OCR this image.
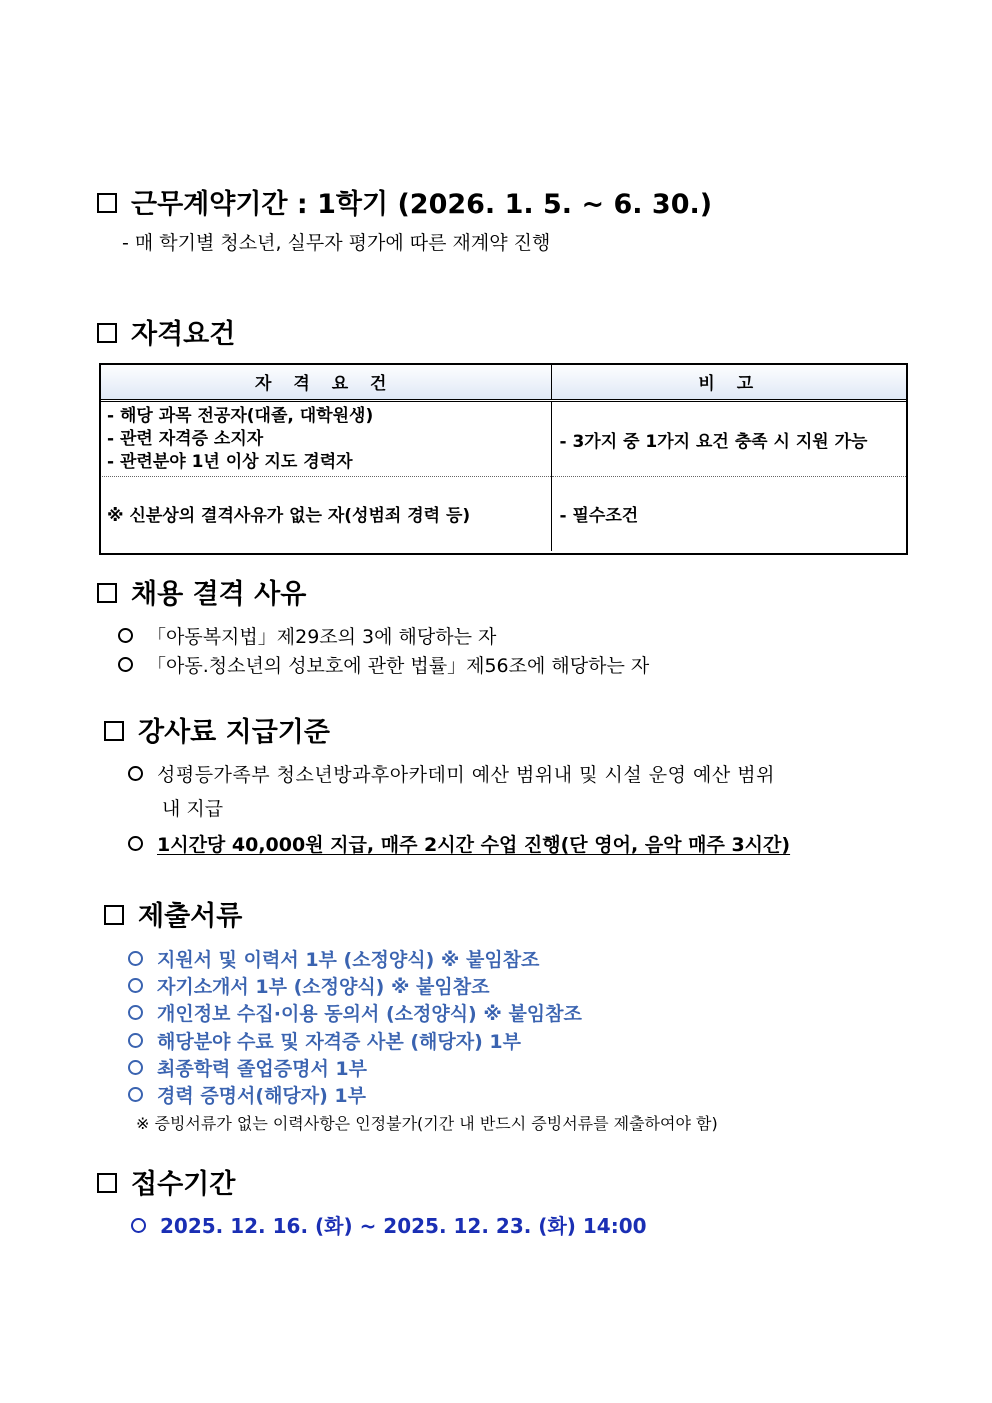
근무계약기간 : 1학기 (2026. 1. 5. ~ 6. 30.)
- 매 학기별 청소년, 실무자 평가에 따른 재계약 진행
자격요건
자 격 요 건	비 고

- 해당 과목 전공자(대졸, 대학원생)
- 관련 자격증 소지자
- 관련분야 1년 이상 지도 경력자	- 3가지 중 1가지 요건 충족 시 지원 가능

※ 신분상의 결격사유가 없는 자(성범죄 경력 등)	- 필수조건
채용 결격 사유
「아동복지법」제29조의 3에 해당하는 자
「아동.청소년의 성보호에 관한 법률」제56조에 해당하는 자
강사료 지급기준
성평등가족부 청소년방과후아카데미 예산 범위내 및 시설 운영 예산 범위
내 지급
1시간당 40,000원 지급, 매주 2시간 수업 진행(단 영어, 음악 매주 3시간)
제출서류
지원서 및 이력서 1부 (소정양식) ※ 붙임참조
자기소개서 1부 (소정양식) ※ 붙임참조
개인정보 수집·이용 동의서 (소정양식) ※ 붙임참조
해당분야 수료 및 자격증 사본 (해당자) 1부
최종학력 졸업증명서 1부
경력 증명서(해당자) 1부
※ 증빙서류가 없는 이력사항은 인정불가(기간 내 반드시 증빙서류를 제출하여야 함)
접수기간
2025. 12. 16. (화) ~ 2025. 12. 23. (화) 14:00
